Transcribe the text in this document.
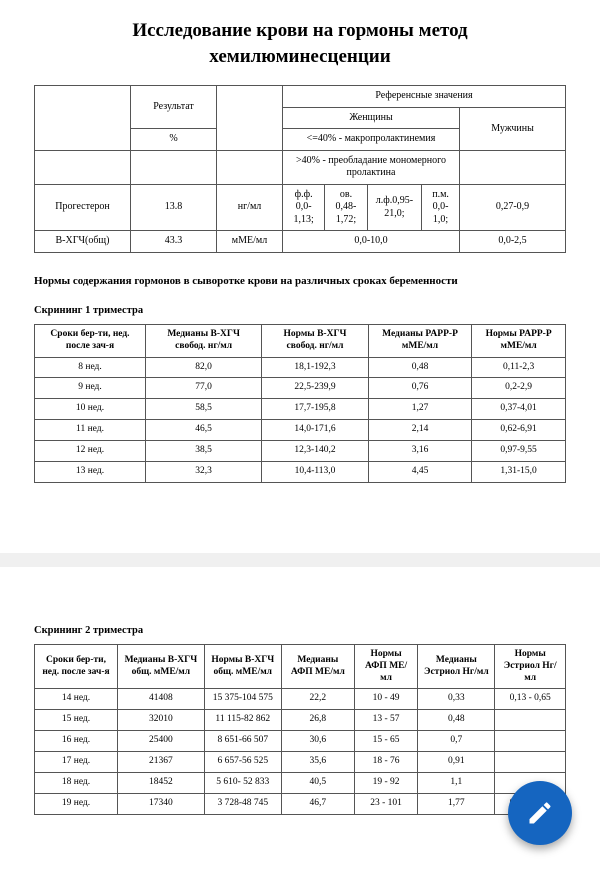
Исследование крови на гормоны метод хемилюминесценции
	Результат		Референсные значения				
			Женщины				Мужчины
	%		<=40% - макропролактинемия				
			>40% - преобладание мономерного пролактина				
Прогестерон	13.8	нг/мл	ф.ф. 0,0-1,13;	ов. 0,48-1,72;	л.ф.0,95-21,0;	п.м. 0,0-1,0;	0,27-0,9
B-ХГЧ(общ)	43.3	мМЕ/мл	0,0-10,0				0,0-2,5
Нормы содержания гормонов в сыворотке крови на различных сроках беременности
Скрининг 1 триместра
Сроки бер-ти, нед. после зач-я	Медианы В-ХГЧ свобод. нг/мл	Нормы В-ХГЧ свобод. нг/мл	Медианы PAPP-P мМЕ/мл	Нормы PAPP-P мМЕ/мл
8 нед.	82,0	18,1-192,3	0,48	0,11-2,3
9 нед.	77,0	22,5-239,9	0,76	0,2-2,9
10 нед.	58,5	17,7-195,8	1,27	0,37-4,01
11 нед.	46,5	14,0-171,6	2,14	0,62-6,91
12 нед.	38,5	12,3-140,2	3,16	0,97-9,55
13 нед.	32,3	10,4-113,0	4,45	1,31-15,0
Скрининг 2 триместра
Сроки бер-ти, нед. после зач-я	Медианы В-ХГЧ общ. мМЕ/мл	Нормы В-ХГЧ общ. мМЕ/мл	Медианы АФП МЕ/мл	Нормы АФП МЕ/мл	Медианы Эстриол Нг/мл	Нормы Эстриол Нг/мл
14 нед.	41408	15 375-104 575	22,2	10 - 49	0,33	0,13 - 0,65
15 нед.	32010	11 115-82 862	26,8	13 - 57	0,48	
16 нед.	25400	8 651-66 507	30,6	15 - 65	0,7	
17 нед.	21367	6 657-56 525	35,6	18 - 76	0,91	
18 нед.	18452	5 610- 52 833	40,5	19 - 92	1,1	
19 нед.	17340	3 728-48 745	46,7	23 - 101	1,77	
